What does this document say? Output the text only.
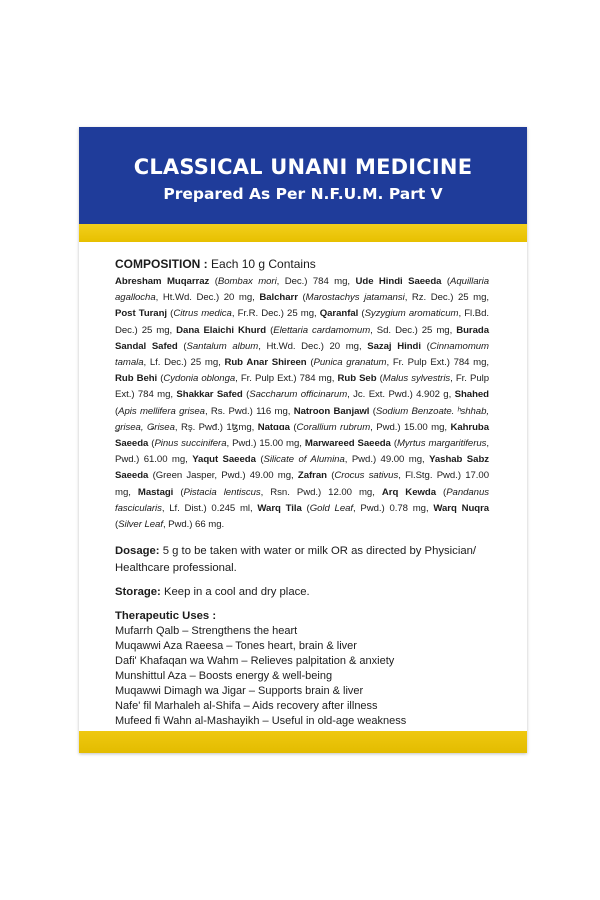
CLASSICAL UNANI MEDICINE
Prepared As Per N.F.U.M. Part V
COMPOSITION : Each 10 g Contains
Abresham Muqarraz (Bombax mori, Dec.) 784 mg, Ude Hindi Saeeda (Aquillaria agallocha, Ht.Wd. Dec.) 20 mg, Balcharr (Marostachys jatamansi, Rz. Dec.) 25 mg, Post Turanj (Citrus medica, Fr.R. Dec.) 25 mg, Qaranfal (Syzygium aromaticum, Fl.Bd. Dec.) 25 mg, Dana Elaichi Khurd (Elettaria cardamomum, Sd. Dec.) 25 mg, Burada Sandal Safed (Santalum album, Ht.Wd. Dec.) 20 mg, Sazaj Hindi (Cinnamomum tamala, Lf. Dec.) 25 mg, Rub Anar Shireen (Punica granatum, Fr. Pulp Ext.) 784 mg, Rub Behi (Cydonia oblonga, Fr. Pulp Ext.) 784 mg, Rub Seb (Malus sylvestris, Fr. Pulp Ext.) 784 mg, Shakkar Safed (Saccharum officinarum, Jc. Ext. Pwd.) 4.902 g, Shahed (Apis mellifera grisea, Rs. Pwd.) 116 mg, Natroon Banjawl (Sodium Benzoate. ʰshhab, ǥrisea, Ǥrisea, Rş. Pwđ.) 1ꜩmg, Natɑɑa (Corallium rubrum, Pwd.) 15.00 mg, Kahruba Saeeda (Pinus succinifera, Pwd.) 15.00 mg, Marwareed Saeeda (Myrtus margaritiferus, Pwd.) 61.00 mg, Yaqut Saeeda (Silicate of Alumina, Pwd.) 49.00 mg, Yashab Sabz Saeeda (Green Jasper, Pwd.) 49.00 mg, Zafran (Crocus sativus, Fl.Stg. Pwd.) 17.00 mg, Mastagi (Pistacia lentiscus, Rsn. Pwd.) 12.00 mg, Arq Kewda (Pandanus fascicularis, Lf. Dist.) 0.245 ml, Warq Tila (Gold Leaf, Pwd.) 0.78 mg, Warq Nuqra (Silver Leaf, Pwd.) 66 mg.
Dosage: 5 g to be taken with water or milk OR as directed by Physician/ Healthcare professional.
Storage: Keep in a cool and dry place.
Therapeutic Uses :
Mufarrh Qalb – Strengthens the heart
Muqawwi Aza Raeesa – Tones heart, brain & liver
Dafi' Khafaqan wa Wahm – Relieves palpitation & anxiety
Munshittul Aza – Boosts energy & well-being
Muqawwi Dimagh wa Jigar – Supports brain & liver
Nafe' fil Marhaleh al-Shifa – Aids recovery after illness
Mufeed fi Wahn al-Mashayikh – Useful in old-age weakness
